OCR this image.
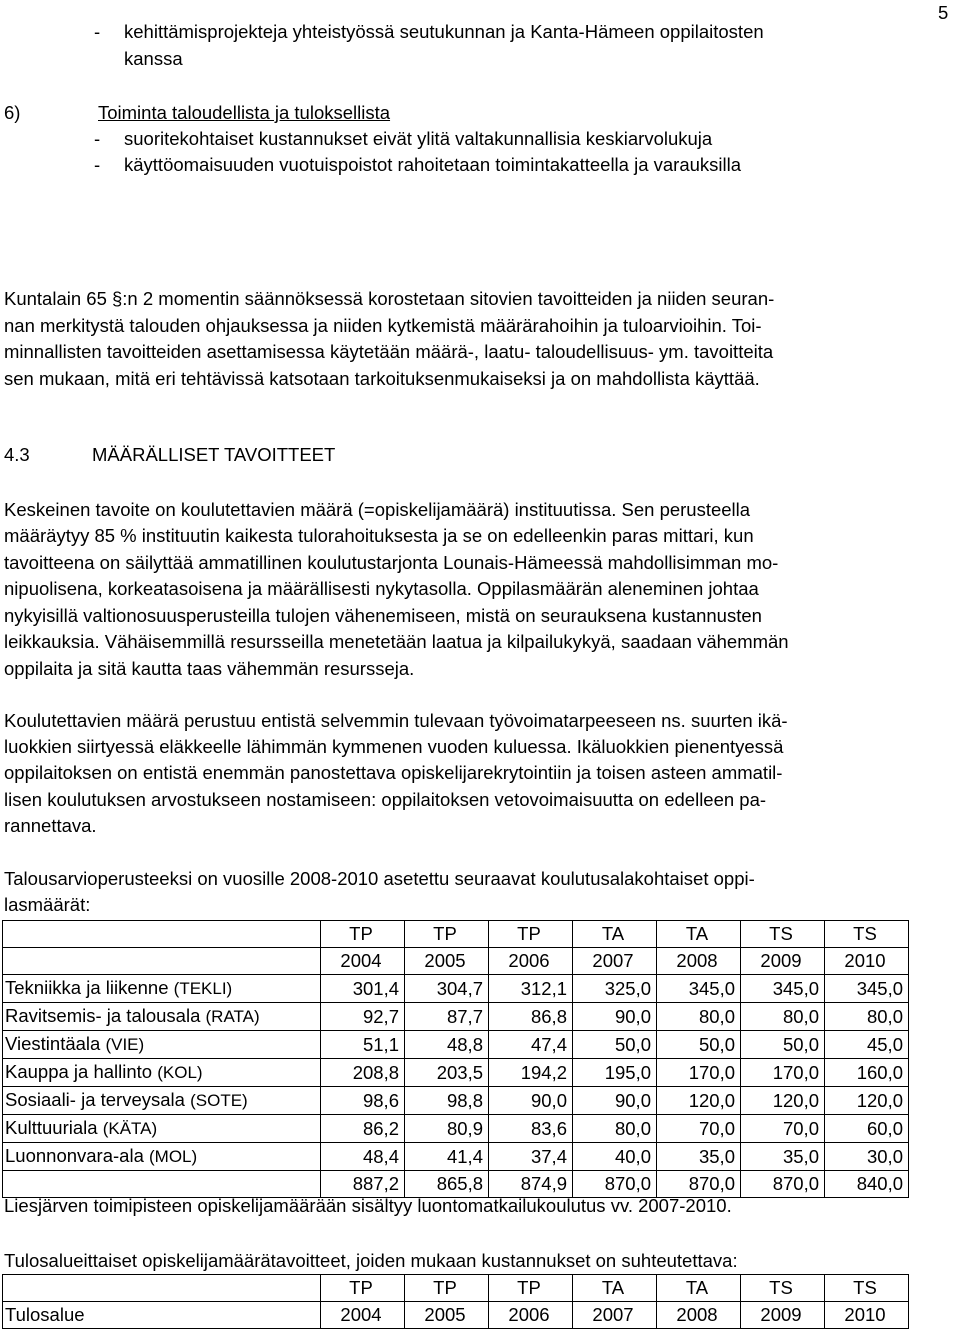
5
- kehittämisprojekteja yhteistyössä seutukunnan ja Kanta-Hämeen oppilaitosten
kanssa
6)	Toiminta taloudellista ja tuloksellista
- suoritekohtaiset kustannukset eivät ylitä valtakunnallisia keskiarvolukuja
- käyttöomaisuuden vuotuispoistot rahoitetaan toimintakatteella ja varauksilla
Kuntalain 65 §:n 2 momentin säännöksessä korostetaan sitovien tavoitteiden ja niiden seuran-
nan merkitystä talouden ohjauksessa ja niiden kytkemistä määrärahoihin ja tuloarvioihin. Toi-
minnallisten tavoitteiden asettamisessa käytetään määrä-, laatu- taloudellisuus- ym. tavoitteita
sen mukaan, mitä eri tehtävissä katsotaan tarkoituksenmukaiseksi ja on mahdollista käyttää.
4.3	MÄÄRÄLLISET TAVOITTEET
Keskeinen tavoite on koulutettavien määrä (=opiskelijamäärä) instituutissa. Sen perusteella
määräytyy 85 % instituutin kaikesta tulorahoituksesta ja se on edelleenkin paras mittari, kun
tavoitteena on säilyttää ammatillinen koulutustarjonta Lounais-Hämeessä mahdollisimman mo-
nipuolisena, korkeatasoisena ja määrällisesti nykytasolla. Oppilasmäärän aleneminen johtaa
nykyisillä valtionosuusperusteilla tulojen vähenemiseen, mistä on seurauksena kustannusten
leikkauksia. Vähäisemmillä resursseilla menetetään laatua ja kilpailukykyä, saadaan vähemmän
oppilaita ja sitä kautta taas vähemmän resursseja.
Koulutettavien määrä perustuu entistä selvemmin tulevaan työvoimatarpeeseen ns. suurten ikä-
luokkien siirtyessä eläkkeelle lähimmän kymmenen vuoden kuluessa. Ikäluokkien pienentyessä
oppilaitoksen on entistä enemmän panostettava opiskelijarekrytointiin ja toisen asteen ammatil-
lisen koulutuksen arvostukseen nostamiseen: oppilaitoksen vetovoimaisuutta on edelleen pa-
rannettava.
Talousarvioperusteeksi on vuosille 2008-2010 asetettu seuraavat koulutusalakohtaiset oppi-
lasmäärät:
	TP	TP	TP	TA	TA	TS	TS
	2004	2005	2006	2007	2008	2009	2010
Tekniikka ja liikenne (TEKLI)	301,4	304,7	312,1	325,0	345,0	345,0	345,0
Ravitsemis- ja talousala (RATA)	92,7	87,7	86,8	90,0	80,0	80,0	80,0
Viestintäala (VIE)	51,1	48,8	47,4	50,0	50,0	50,0	45,0
Kauppa ja hallinto (KOL)	208,8	203,5	194,2	195,0	170,0	170,0	160,0
Sosiaali- ja terveysala (SOTE)	98,6	98,8	90,0	90,0	120,0	120,0	120,0
Kulttuuriala (KÄTA)	86,2	80,9	83,6	80,0	70,0	70,0	60,0
Luonnonvara-ala (MOL)	48,4	41,4	37,4	40,0	35,0	35,0	30,0
	887,2	865,8	874,9	870,0	870,0	870,0	840,0
Liesjärven toimipisteen opiskelijamäärään sisältyy luontomatkailukoulutus vv. 2007-2010.
Tulosalueittaiset opiskelijamäärätavoitteet, joiden mukaan kustannukset on suhteutettava:
	TP	TP	TP	TA	TA	TS	TS
Tulosalue	2004	2005	2006	2007	2008	2009	2010
